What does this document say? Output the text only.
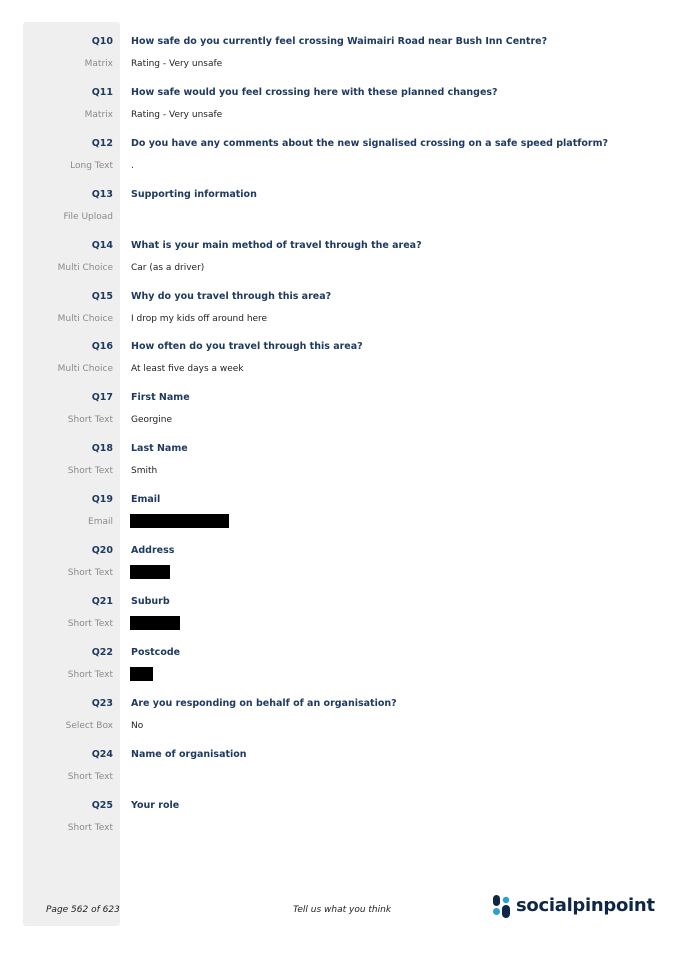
Q10 How safe do you currently feel crossing Waimairi Road near Bush Inn Centre?
Matrix Rating - Very unsafe
Q11 How safe would you feel crossing here with these planned changes?
Matrix Rating - Very unsafe
Q12 Do you have any comments about the new signalised crossing on a safe speed platform?
Long Text .
Q13 Supporting information
File Upload
Q14 What is your main method of travel through the area?
Multi Choice Car (as a driver)
Q15 Why do you travel through this area?
Multi Choice I drop my kids off around here
Q16 How often do you travel through this area?
Multi Choice At least five days a week
Q17 First Name
Short Text Georgine
Q18 Last Name
Short Text Smith
Q19 Email
Email
Q20 Address
Short Text
Q21 Suburb
Short Text
Q22 Postcode
Short Text
Q23 Are you responding on behalf of an organisation?
Select Box No
Q24 Name of organisation
Short Text
Q25 Your role
Short Text
Page 562 of 623	Tell us what you think	socialpinpoint
